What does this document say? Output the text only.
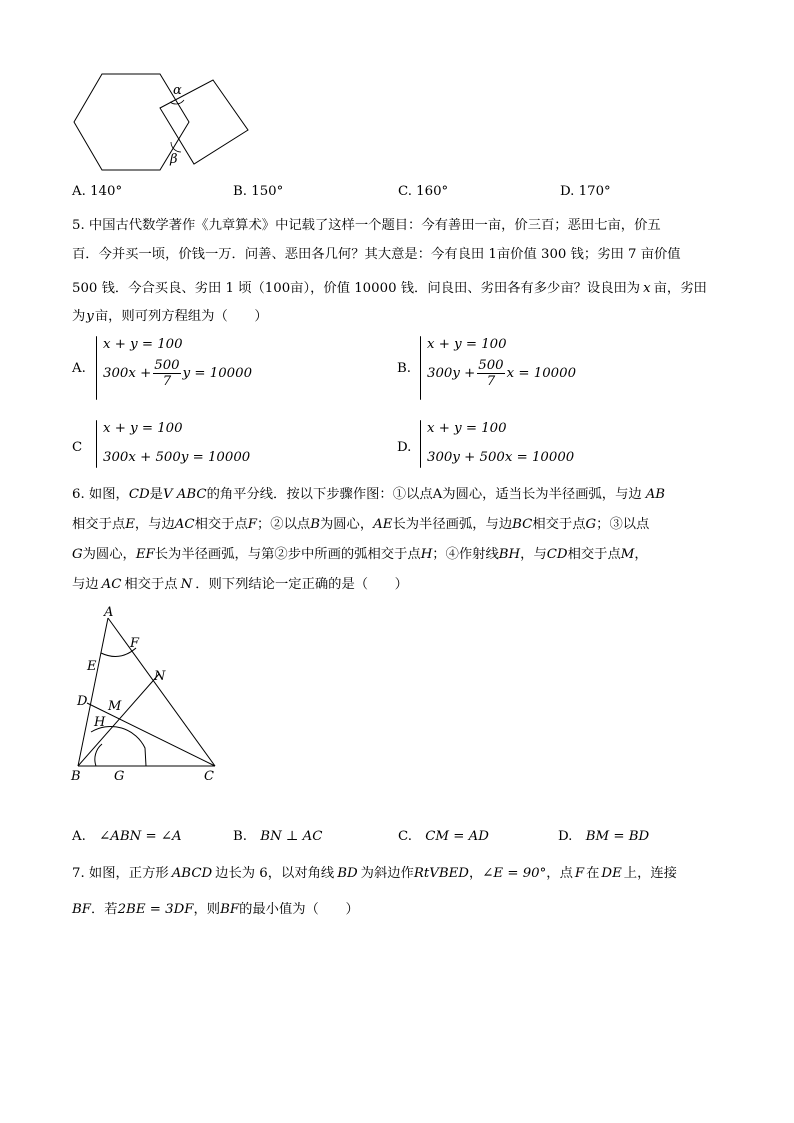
α
β
A. 140°	B. 150°	C. 160°	D. 170°
5. 中国古代数学著作《九章算术》中记载了这样一个题目：今有善田一亩，价三百；恶田七亩，价五
百．今并买一顷，价钱一万．问善、恶田各几何？其大意是：今有良田 1亩价值 300 钱；劣田 7 亩价值
500 钱．今合买良、劣田 1 顷（100亩），价值 10000 钱．问良田、劣田各有多少亩？设良田为 x 亩，劣田
为y亩，则可列方程组为（　　）
A.
x + y = 100
$300x + \frac{500}{7}$ y = 10000	B.
x + y = 100
$300y + \frac{500}{7}$ x = 10000
C
x + y = 100
300x + 500y = 10000
D.
x + y = 100
300y + 500x = 10000
6. 如图，CD是V ABC的角平分线．按以下步骤作图：①以点A为圆心，适当长为半径画弧，与边 AB
相交于点E，与边AC相交于点F；②以点B为圆心，AE长为半径画弧，与边BC相交于点G；③以点
G为圆心，EF长为半径画弧，与第②步中所画的弧相交于点H；④作射线BH，与CD相交于点M，
与边 AC 相交于点 N ．则下列结论一定正确的是（　　）
A
F
E
N
D M
H
B	G	C
A.　 ∠ABN = ∠A	B.　 BN ⊥ AC	C.　 CM = AD	D.　 BM = BD
7. 如图，正方形 ABCD 边长为 6，以对角线 BD 为斜边作RtVBED，∠E = 90°，点 F 在 DE 上，连接
BF．若2BE = 3DF，则BF的最小值为（　　）
